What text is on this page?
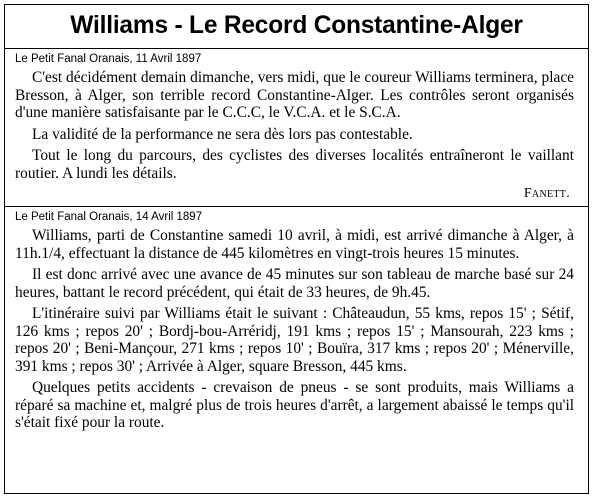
Williams - Le Record Constantine-Alger
Le Petit Fanal Oranais, 11 Avril 1897

C'est décidément demain dimanche, vers midi, que le coureur Williams terminera, place Bresson, à Alger, son terrible record Constantine-Alger. Les contrôles seront organisés d'une manière satisfaisante par le C.C.C, le V.C.A. et le S.C.A.

La validité de la performance ne sera dès lors pas contestable.

Tout le long du parcours, des cyclistes des diverses localités entraîneront le vaillant routier. A lundi les détails.

Fanett.
Le Petit Fanal Oranais, 14 Avril 1897

Williams, parti de Constantine samedi 10 avril, à midi, est arrivé dimanche à Alger, à 11h.1/4, effectuant la distance de 445 kilomètres en vingt-trois heures 15 minutes.

Il est donc arrivé avec une avance de 45 minutes sur son tableau de marche basé sur 24 heures, battant le record précédent, qui était de 33 heures, de 9h.45.

L'itinéraire suivi par Williams était le suivant : Châteaudun, 55 kms, repos 15' ; Sétif, 126 kms ; repos 20' ; Bordj-bou-Arréridj, 191 kms ; repos 15' ; Mansourah, 223 kms ; repos 20' ; Beni-Mançour, 271 kms ; repos 10' ; Bouïra, 317 kms ; repos 20' ; Ménerville, 391 kms ; repos 30' ; Arrivée à Alger, square Bresson, 445 kms.

Quelques petits accidents - crevaison de pneus - se sont produits, mais Williams a réparé sa machine et, malgré plus de trois heures d'arrêt, a largement abaissé le temps qu'il s'était fixé pour la route.
